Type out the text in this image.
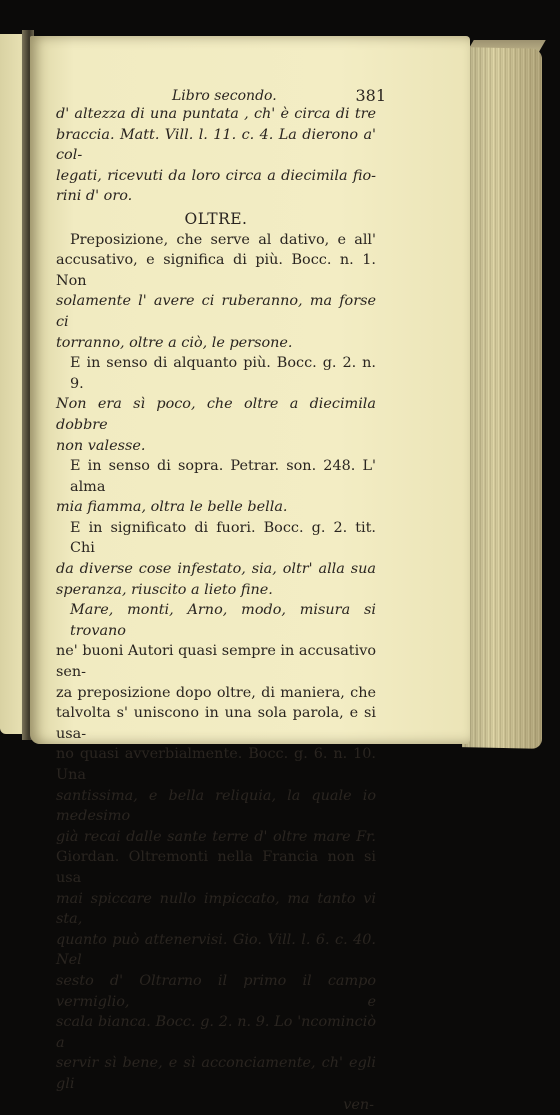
Libro secondo.	381
d' altezza di una puntata , ch' è circa di tre
braccia. Matt. Vill. l. 11. c. 4. La dierono a' col-
legati, ricevuti da loro circa a diecimila fio-
rini d' oro.
OLTRE.
Preposizione, che serve al dativo, e all'
accusativo, e significa di più. Bocc. n. 1. Non
solamente l' avere ci ruberanno, ma forse ci
torranno, oltre a ciò, le persone.
E in senso di alquanto più. Bocc. g. 2. n. 9.
Non era sì poco, che oltre a diecimila dobbre
non valesse.
E in senso di sopra. Petrar. son. 248. L' alma
mia fiamma, oltra le belle bella.
E in significato di fuori. Bocc. g. 2. tit. Chi
da diverse cose infestato, sia, oltr' alla sua
speranza, riuscito a lieto fine.
Mare, monti, Arno, modo, misura si trovano
ne' buoni Autori quasi sempre in accusativo sen-
za preposizione dopo oltre, di maniera, che
talvolta s' uniscono in una sola parola, e si usa-
no quasi avverbialmente. Bocc. g. 6. n. 10. Una
santissima, e bella reliquia, la quale io medesimo
già recai dalle sante terre d' oltre mare Fr.
Giordan. Oltremonti nella Francia non si usa
mai spiccare nullo impiccato, ma tanto vi sta,
quanto può attenervisi. Gio. Vill. l. 6. c. 40. Nel
sesto d' Oltrarno il primo il campo vermiglio, e
scala bianca. Bocc. g. 2. n. 9. Lo 'ncominciò a
servir sì bene, e sì acconciamente, ch' egli gli
ven-
